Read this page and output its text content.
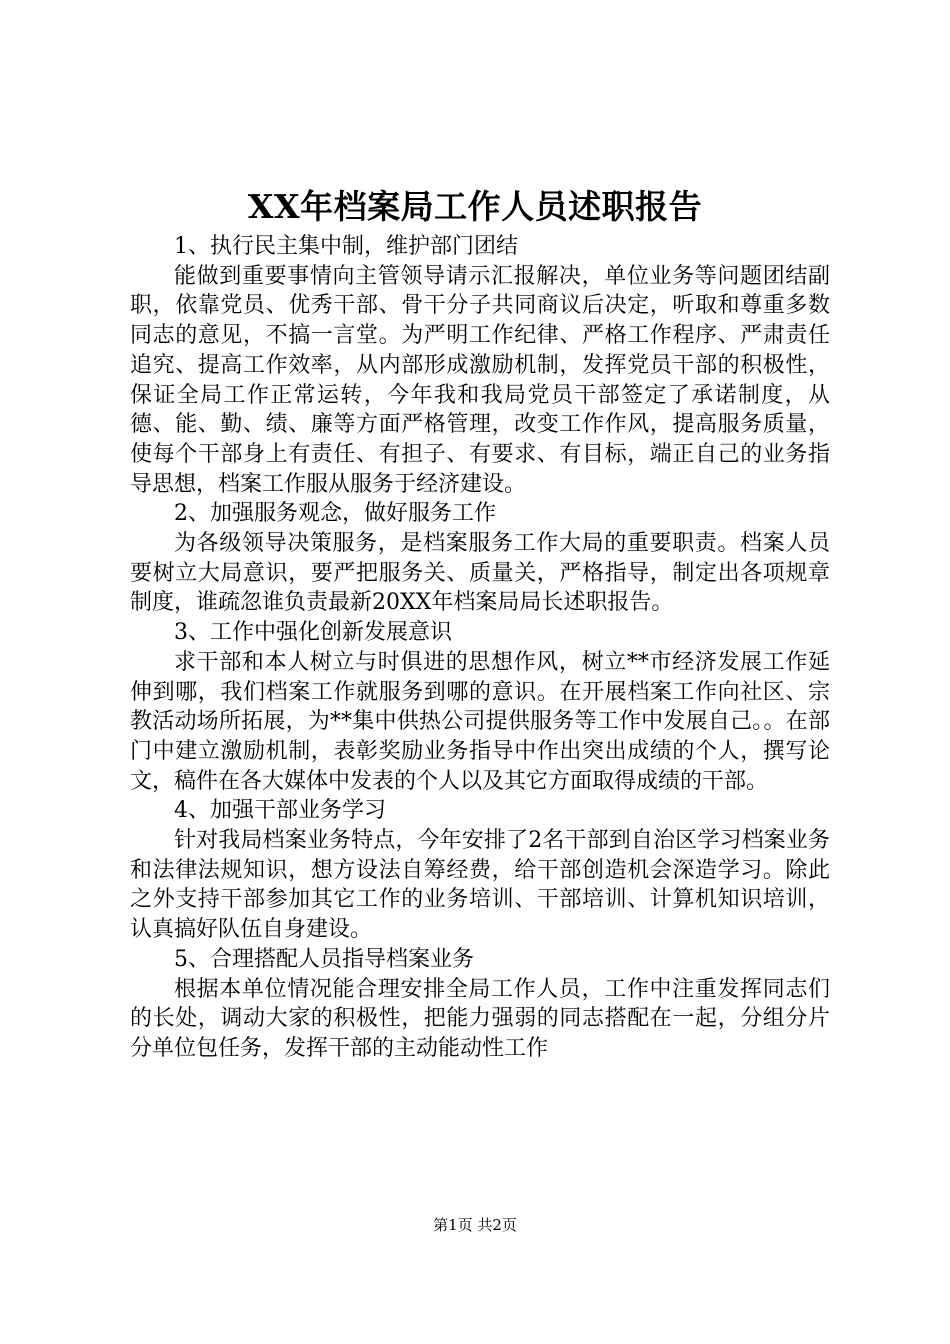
XX年档案局工作人员述职报告

1、执行民主集中制，维护部门团结

能做到重要事情向主管领导请示汇报解决，单位业务等问题团结副职，依靠党员、优秀干部、骨干分子共同商议后决定，听取和尊重多数同志的意见，不搞一言堂。为严明工作纪律、严格工作程序、严肃责任追究、提高工作效率，从内部形成激励机制，发挥党员干部的积极性，保证全局工作正常运转，今年我和我局党员干部签定了承诺制度，从德、能、勤、绩、廉等方面严格管理，改变工作作风，提高服务质量，使每个干部身上有责任、有担子、有要求、有目标，端正自己的业务指导思想，档案工作服从服务于经济建设。

2、加强服务观念，做好服务工作

为各级领导决策服务，是档案服务工作大局的重要职责。档案人员要树立大局意识，要严把服务关、质量关，严格指导，制定出各项规章制度，谁疏忽谁负责最新20XX年档案局局长述职报告。

3、工作中强化创新发展意识

求干部和本人树立与时俱进的思想作风，树立**市经济发展工作延伸到哪，我们档案工作就服务到哪的意识。在开展档案工作向社区、宗教活动场所拓展，为**集中供热公司提供服务等工作中发展自己。。在部门中建立激励机制，表彰奖励业务指导中作出突出成绩的个人，撰写论文，稿件在各大媒体中发表的个人以及其它方面取得成绩的干部。

4、加强干部业务学习

针对我局档案业务特点，今年安排了2名干部到自治区学习档案业务和法律法规知识，想方设法自筹经费，给干部创造机会深造学习。除此之外支持干部参加其它工作的业务培训、干部培训、计算机知识培训，认真搞好队伍自身建设。

5、合理搭配人员指导档案业务

根据本单位情况能合理安排全局工作人员，工作中注重发挥同志们的长处，调动大家的积极性，把能力强弱的同志搭配在一起，分组分片分单位包任务，发挥干部的主动能动性工作

第1页 共2页
